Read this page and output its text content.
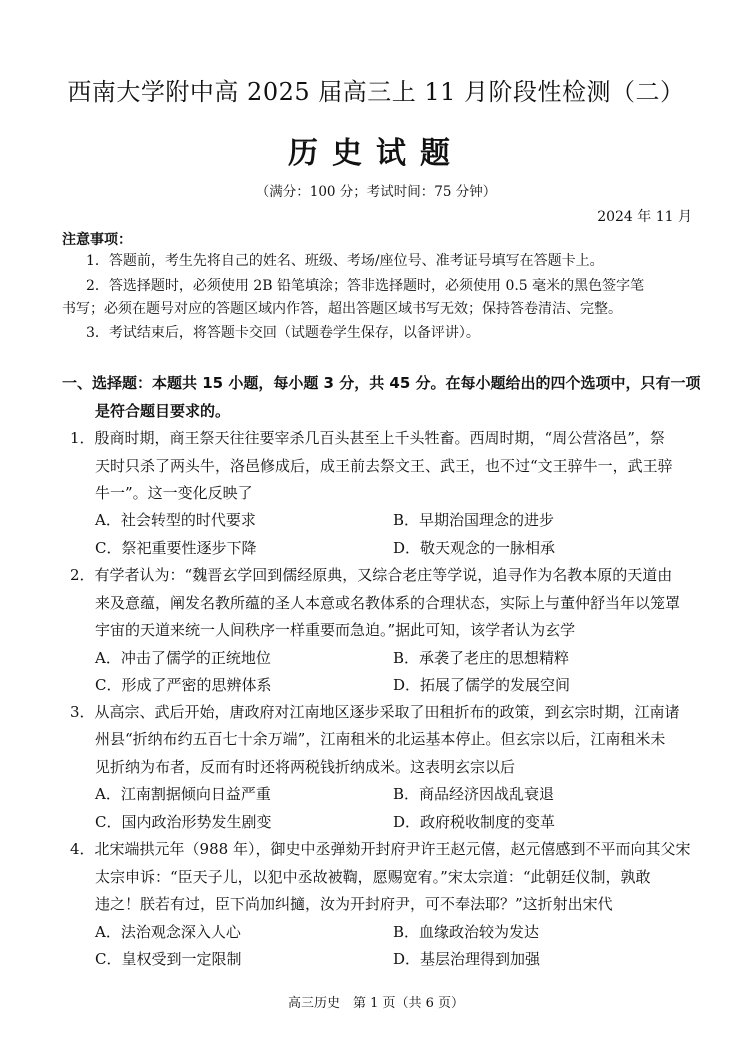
西南大学附中高 2025 届高三上 11 月阶段性检测（二）
历史试题
（满分：100 分；考试时间：75 分钟）
2024 年 11 月
注意事项：
1．答题前，考生先将自己的姓名、班级、考场/座位号、准考证号填写在答题卡上。
2．答选择题时，必须使用 2B 铅笔填涂；答非选择题时，必须使用 0.5 毫米的黑色签字笔
书写；必须在题号对应的答题区域内作答，超出答题区域书写无效；保持答卷清洁、完整。
3．考试结束后，将答题卡交回（试题卷学生保存，以备评讲）。
一、选择题：本题共 15 小题，每小题 3 分，共 45 分。在每小题给出的四个选项中，只有一项
是符合题目要求的。
1．殷商时期，商王祭天往往要宰杀几百头甚至上千头牲畜。西周时期，“周公营洛邑”，祭
天时只杀了两头牛，洛邑修成后，成王前去祭文王、武王，也不过“文王骍牛一，武王骍
牛一”。这一变化反映了
A．社会转型的时代要求	B．早期治国理念的进步
C．祭祀重要性逐步下降	D．敬天观念的一脉相承
2．有学者认为：“魏晋玄学回到儒经原典，又综合老庄等学说，追寻作为名教本原的天道由
来及意蕴，阐发名教所蕴的圣人本意或名教体系的合理状态，实际上与董仲舒当年以笼罩
宇宙的天道来统一人间秩序一样重要而急迫。”据此可知，该学者认为玄学
A．冲击了儒学的正统地位	B．承袭了老庄的思想精粹
C．形成了严密的思辨体系	D．拓展了儒学的发展空间
3．从高宗、武后开始，唐政府对江南地区逐步采取了田租折布的政策，到玄宗时期，江南诸
州县“折纳布约五百七十余万端”，江南租米的北运基本停止。但玄宗以后，江南租米未
见折纳为布者，反而有时还将两税钱折纳成米。这表明玄宗以后
A．江南割据倾向日益严重	B．商品经济因战乱衰退
C．国内政治形势发生剧变	D．政府税收制度的变革
4．北宋端拱元年（988 年），御史中丞弹劾开封府尹许王赵元僖，赵元僖感到不平而向其父宋
太宗申诉：“臣天子儿，以犯中丞故被鞫，愿赐宽宥。”宋太宗道：“此朝廷仪制，孰敢
违之！朕若有过，臣下尚加纠擿，汝为开封府尹，可不奉法耶？”这折射出宋代
A．法治观念深入人心	B．血缘政治较为发达
C．皇权受到一定限制	D．基层治理得到加强
高三历史　第 1 页（共 6 页）
